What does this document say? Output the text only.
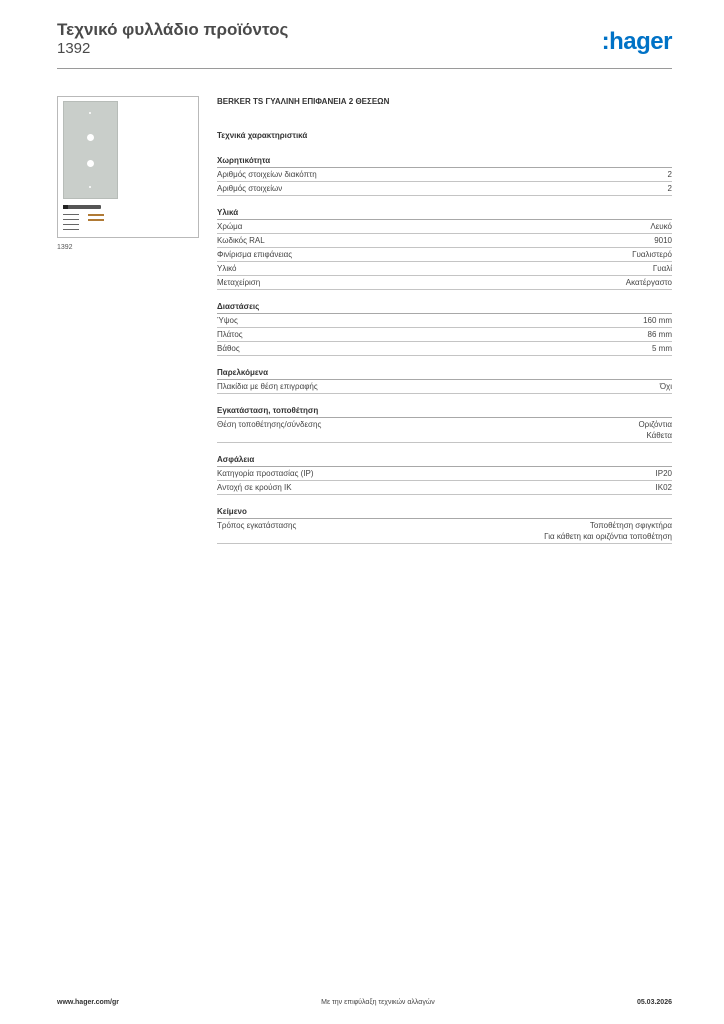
Τεχνικό φυλλάδιο προϊόντος
1392	:hager
1392
BERKER TS ΓΥΑΛΙΝΗ ΕΠΙΦΑΝΕΙΑ 2 ΘΕΣΕΩΝ
Τεχνικά χαρακτηριστικά
Χωρητικότητα
Αριθμός στοιχείων διακόπτη	2
Αριθμός στοιχείων	2
Υλικά
Χρώμα	Λευκό
Κωδικός RAL	9010
Φινίρισμα επιφάνειας	Γυαλιστερό
Υλικό	Γυαλί
Μεταχείριση	Ακατέργαστο
Διαστάσεις
Ύψος	160 mm
Πλάτος	86 mm
Βάθος	5 mm
Παρελκόμενα
Πλακίδια με θέση επιγραφής	Όχι
Εγκατάσταση, τοποθέτηση
Θέση τοποθέτησης/σύνδεσης	Οριζόντια
Κάθετα
Ασφάλεια
Κατηγορία προστασίας (IP)	IP20
Αντοχή σε κρούση IK	IK02
Κείμενο
Τρόπος εγκατάστασης	Τοποθέτηση σφιγκτήρα
Για κάθετη και οριζόντια τοποθέτηση
www.hager.com/gr	Με την επιφύλαξη τεχνικών αλλαγών	05.03.2026
